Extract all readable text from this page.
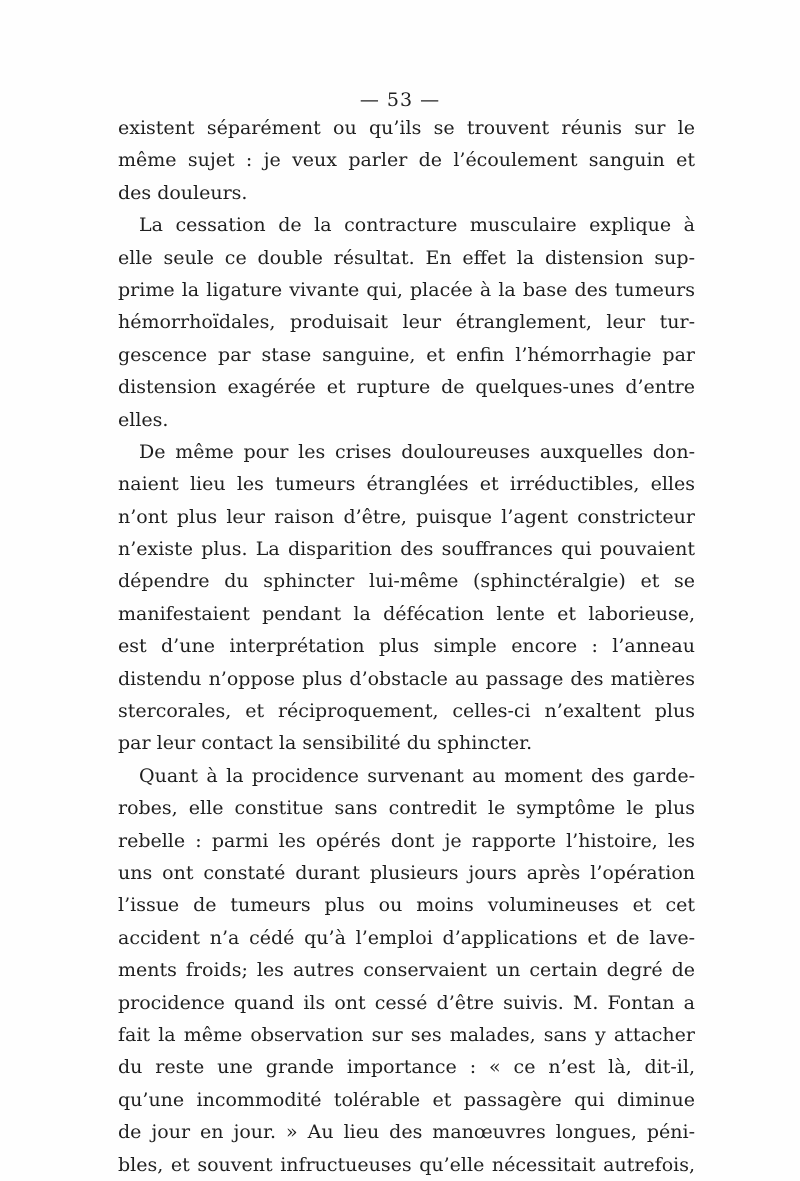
— 53 —
existent séparément ou qu’ils se trouvent réunis sur le
même sujet : je veux parler de l’écoulement sanguin et
des douleurs.
La cessation de la contracture musculaire explique à
elle seule ce double résultat. En effet la distension sup-
prime la ligature vivante qui, placée à la base des tumeurs
hémorrhoïdales, produisait leur étranglement, leur tur-
gescence par stase sanguine, et enfin l’hémorrhagie par
distension exagérée et rupture de quelques-unes d’entre
elles.
De même pour les crises douloureuses auxquelles don-
naient lieu les tumeurs étranglées et irréductibles, elles
n’ont plus leur raison d’être, puisque l’agent constricteur
n’existe plus. La disparition des souffrances qui pouvaient
dépendre du sphincter lui-même (sphinctéralgie) et se
manifestaient pendant la défécation lente et laborieuse,
est d’une interprétation plus simple encore : l’anneau
distendu n’oppose plus d’obstacle au passage des matières
stercorales, et réciproquement, celles-ci n’exaltent plus
par leur contact la sensibilité du sphincter.
Quant à la procidence survenant au moment des garde-
robes, elle constitue sans contredit le symptôme le plus
rebelle : parmi les opérés dont je rapporte l’histoire, les
uns ont constaté durant plusieurs jours après l’opération
l’issue de tumeurs plus ou moins volumineuses et cet
accident n’a cédé qu’à l’emploi d’applications et de lave-
ments froids; les autres conservaient un certain degré de
procidence quand ils ont cessé d’être suivis. M. Fontan a
fait la même observation sur ses malades, sans y attacher
du reste une grande importance : « ce n’est là, dit-il,
qu’une incommodité tolérable et passagère qui diminue
de jour en jour. » Au lieu des manœuvres longues, péni-
bles, et souvent infructueuses qu’elle nécessitait autrefois,
